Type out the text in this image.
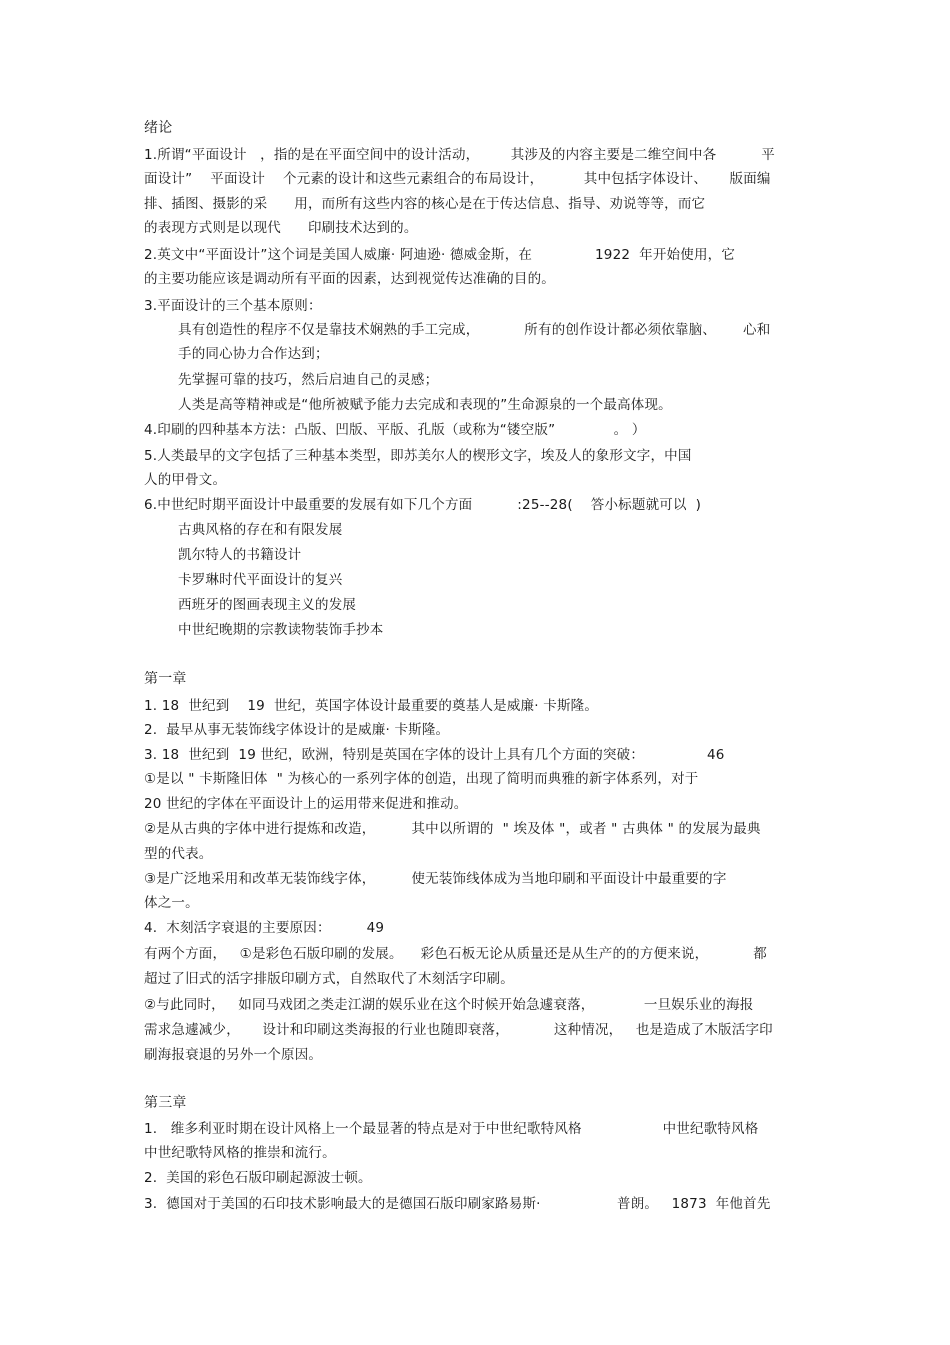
绪论
1.所谓“平面设计   ，指的是在平面空间中的设计活动，       其涉及的内容主要是二维空间中各          平
面设计”    平面设计    个元素的设计和这些元素组合的布局设计，         其中包括字体设计、     版面编
排、插图、摄影的采      用，而所有这些内容的核心是在于传达信息、指导、劝说等等，而它
的表现方式则是以现代      印刷技术达到的。
2.英文中“平面设计”这个词是美国人威廉· 阿迪逊· 德威金斯，在              1922  年开始使用，它
的主要功能应该是调动所有平面的因素，达到视觉传达准确的目的。
3.平面设计的三个基本原则：
具有创造性的程序不仅是靠技术娴熟的手工完成，          所有的创作设计都必须依靠脑、      心和
手的同心协力合作达到；
先掌握可靠的技巧，然后启迪自己的灵感；
人类是高等精神或是“他所被赋予能力去完成和表现的”生命源泉的一个最高体现。
4.印刷的四种基本方法：凸版、凹版、平版、孔版（或称为“镂空版”             。 ）
5.人类最早的文字包括了三种基本类型，即苏美尔人的楔形文字，埃及人的象形文字，中国
人的甲骨文。
6.中世纪时期平面设计中最重要的发展有如下几个方面          :25--28(    答小标题就可以  )
古典风格的存在和有限发展
凯尔特人的书籍设计
卡罗琳时代平面设计的复兴
西班牙的图画表现主义的发展
中世纪晚期的宗教读物装饰手抄本
第一章
1. 18  世纪到    19  世纪，英国字体设计最重要的奠基人是威廉· 卡斯隆。
2.  最早从事无装饰线字体设计的是威廉· 卡斯隆。
3. 18  世纪到  19 世纪，欧洲，特别是英国在字体的设计上具有几个方面的突破：              46
①是以 " 卡斯隆旧体  " 为核心的一系列字体的创造，出现了简明而典雅的新字体系列，对于
20 世纪的字体在平面设计上的运用带来促进和推动。
②是从古典的字体中进行提炼和改造，        其中以所谓的  " 埃及体 "，或者 " 古典体 " 的发展为最典
型的代表。
③是广泛地采用和改革无装饰线字体，        使无装饰线体成为当地印刷和平面设计中最重要的字
体之一。
4.  木刻活字衰退的主要原因：        49
有两个方面，   ①是彩色石版印刷的发展。    彩色石板无论从质量还是从生产的的方便来说，          都
超过了旧式的活字排版印刷方式，自然取代了木刻活字印刷。
②与此同时，   如同马戏团之类走江湖的娱乐业在这个时候开始急遽衰落，           一旦娱乐业的海报
需求急遽减少，     设计和印刷这类海报的行业也随即衰落，          这种情况，   也是造成了木版活字印
刷海报衰退的另外一个原因。
第三章
1.   维多利亚时期在设计风格上一个最显著的特点是对于中世纪歌特风格                  中世纪歌特风格
中世纪歌特风格的推崇和流行。
2.  美国的彩色石版印刷起源波士顿。
3.  德国对于美国的石印技术影响最大的是德国石版印刷家路易斯·                 普朗。   1873  年他首先
